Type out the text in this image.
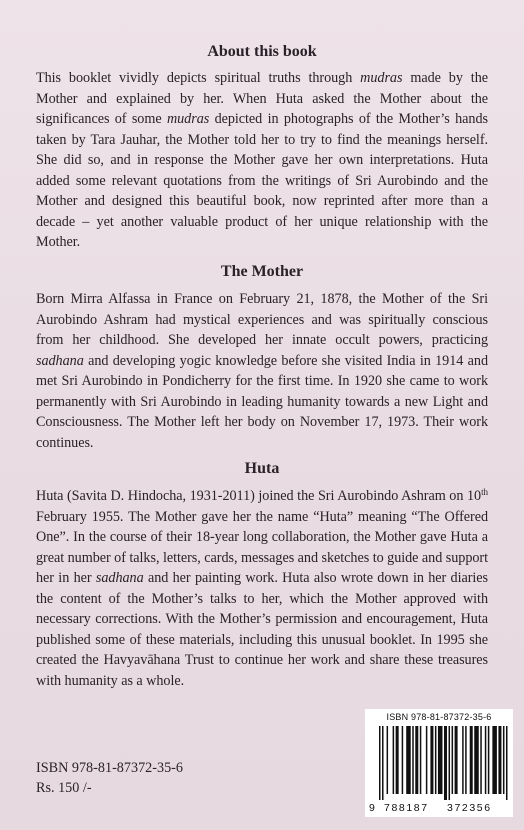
About this book

This booklet vividly depicts spiritual truths through mudras made by the Mother and explained by her. When Huta asked the Mother about the significances of some mudras depicted in photographs of the Mother’s hands taken by Tara Jauhar, the Mother told her to try to find the meanings herself. She did so, and in response the Mother gave her own interpretations. Huta added some relevant quotations from the writings of Sri Aurobindo and the Mother and designed this beautiful book, now reprinted after more than a decade – yet another valuable product of her unique relationship with the Mother.

The Mother

Born Mirra Alfassa in France on February 21, 1878, the Mother of the Sri Aurobindo Ashram had mystical experiences and was spiritually conscious from her childhood. She developed her innate occult powers, practicing sadhana and developing yogic knowledge before she visited India in 1914 and met Sri Aurobindo in Pondicherry for the first time. In 1920 she came to work permanently with Sri Aurobindo in leading humanity towards a new Light and Consciousness. The Mother left her body on November 17, 1973. Their work continues.

Huta

Huta (Savita D. Hindocha, 1931-2011) joined the Sri Aurobindo Ashram on 10th February 1955. The Mother gave her the name “Huta” meaning “The Offered One”. In the course of their 18-year long collaboration, the Mother gave Huta a great number of talks, letters, cards, messages and sketches to guide and support her in her sadhana and her painting work. Huta also wrote down in her diaries the content of the Mother’s talks to her, which the Mother approved with necessary corrections. With the Mother’s permission and encouragement, Huta published some of these materials, including this unusual booklet. In 1995 she created the Havyavāhana Trust to continue her work and share these treasures with humanity as a whole.

ISBN 978-81-87372-35-6

9 788187 372356

ISBN 978-81-87372-35-6

Rs. 150 /-
